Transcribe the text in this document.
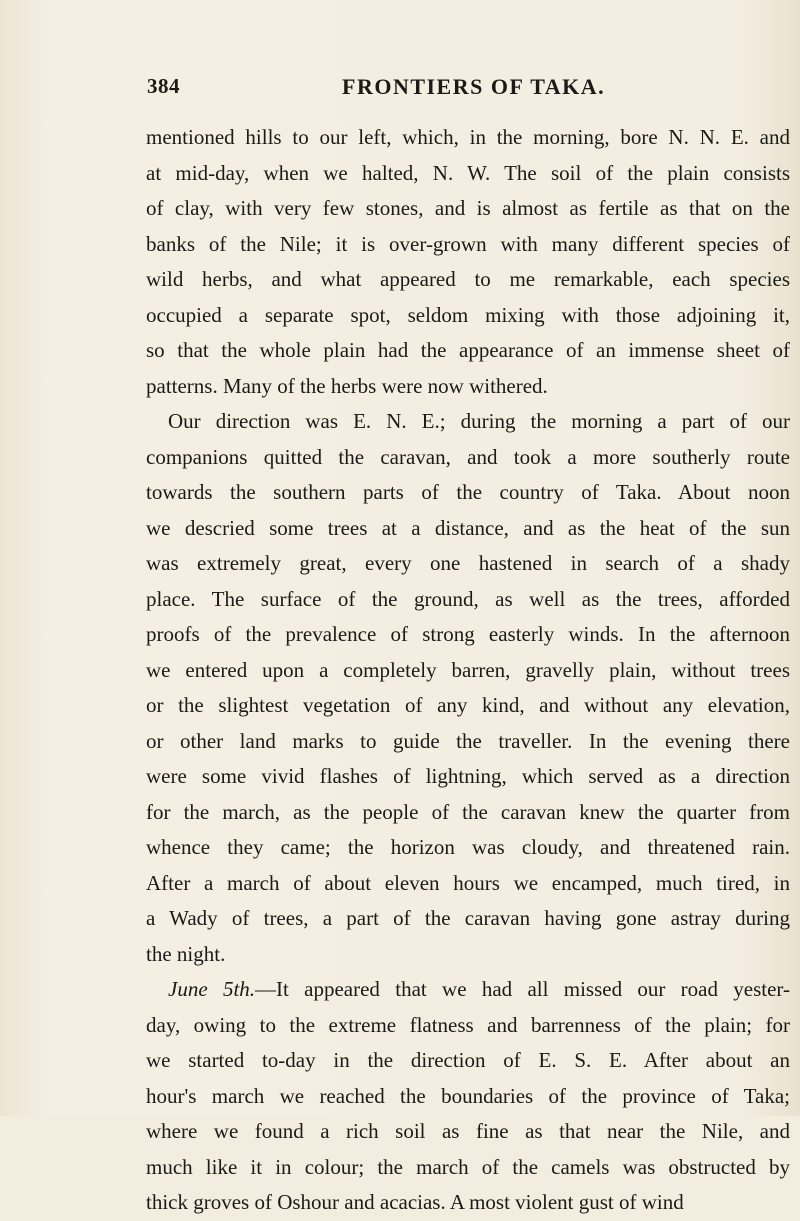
384	FRONTIERS OF TAKA.
mentioned hills to our left, which, in the morning, bore N. N. E. and
at mid-day, when we halted, N. W. The soil of the plain consists
of clay, with very few stones, and is almost as fertile as that on the
banks of the Nile; it is over-grown with many different species of
wild herbs, and what appeared to me remarkable, each species
occupied a separate spot, seldom mixing with those adjoining it,
so that the whole plain had the appearance of an immense sheet of
patterns. Many of the herbs were now withered.
Our direction was E. N. E.; during the morning a part of our
companions quitted the caravan, and took a more southerly route
towards the southern parts of the country of Taka. About noon
we descried some trees at a distance, and as the heat of the sun
was extremely great, every one hastened in search of a shady
place. The surface of the ground, as well as the trees, afforded
proofs of the prevalence of strong easterly winds. In the afternoon
we entered upon a completely barren, gravelly plain, without trees
or the slightest vegetation of any kind, and without any elevation,
or other land marks to guide the traveller. In the evening there
were some vivid flashes of lightning, which served as a direction
for the march, as the people of the caravan knew the quarter from
whence they came; the horizon was cloudy, and threatened rain.
After a march of about eleven hours we encamped, much tired, in
a Wady of trees, a part of the caravan having gone astray during
the night.
June 5th.—It appeared that we had all missed our road yester-
day, owing to the extreme flatness and barrenness of the plain; for
we started to-day in the direction of E. S. E. After about an
hour's march we reached the boundaries of the province of Taka;
where we found a rich soil as fine as that near the Nile, and
much like it in colour; the march of the camels was obstructed by
thick groves of Oshour and acacias. A most violent gust of wind
